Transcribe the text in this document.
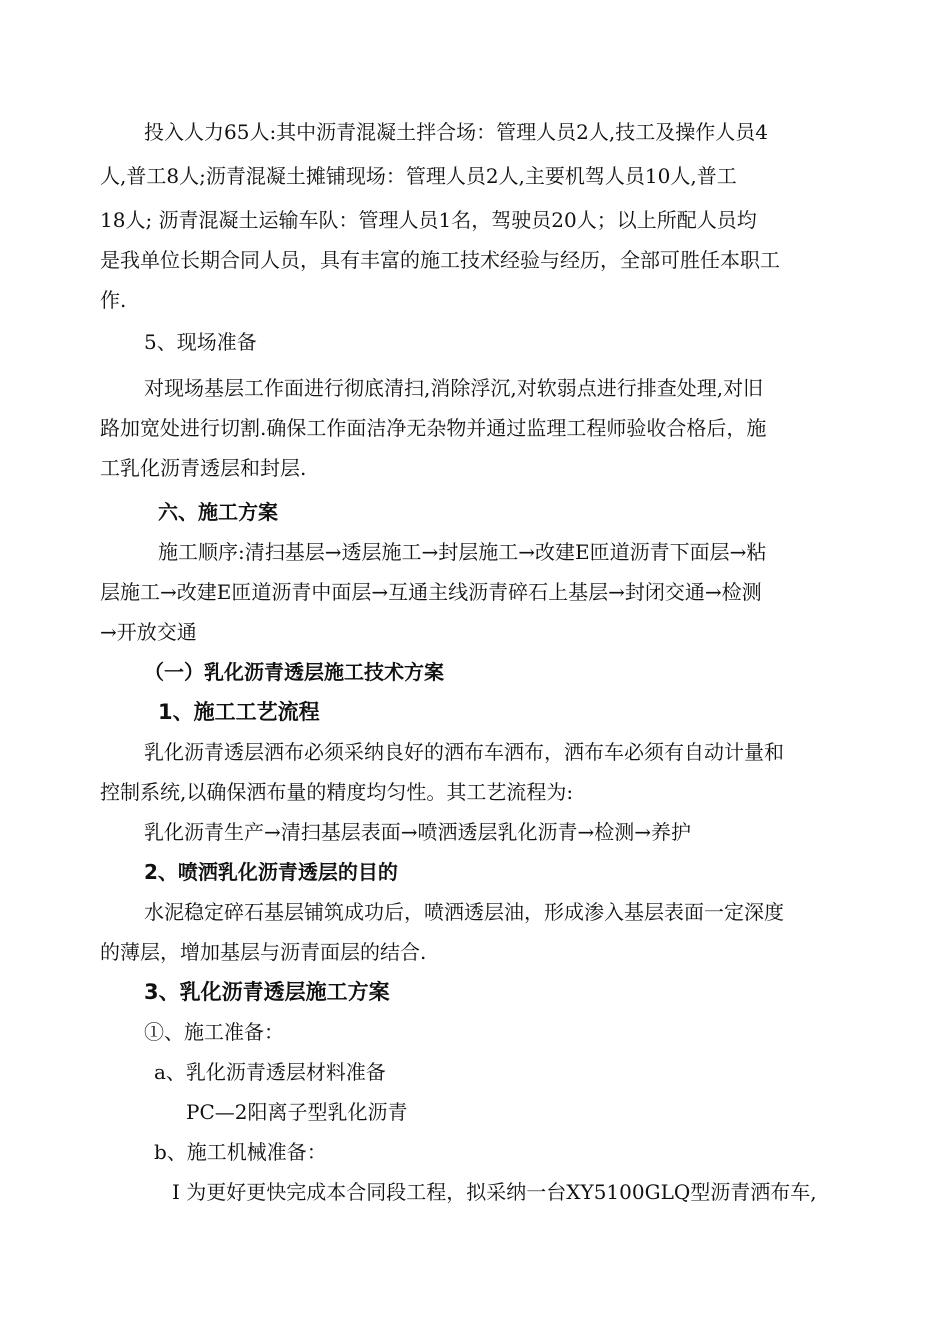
投入人力65人:其中沥青混凝土拌合场：管理人员2人,技工及操作人员4
人,普工8人;沥青混凝土摊铺现场：管理人员2人,主要机驾人员10人,普工
18人; 沥青混凝土运输车队：管理人员1名，驾驶员20人；以上所配人员均
是我单位长期合同人员，具有丰富的施工技术经验与经历，全部可胜任本职工
作.
5、现场准备
对现场基层工作面进行彻底清扫,消除浮沉,对软弱点进行排查处理,对旧
路加宽处进行切割.确保工作面洁净无杂物并通过监理工程师验收合格后，施
工乳化沥青透层和封层.
六、施工方案
施工顺序:清扫基层→透层施工→封层施工→改建E匝道沥青下面层→粘
层施工→改建E匝道沥青中面层→互通主线沥青碎石上基层→封闭交通→检测
→开放交通
（一）乳化沥青透层施工技术方案
1、施工工艺流程
乳化沥青透层洒布必须采纳良好的洒布车洒布，洒布车必须有自动计量和
控制系统,以确保洒布量的精度均匀性。其工艺流程为:
乳化沥青生产→清扫基层表面→喷洒透层乳化沥青→检测→养护
2、喷洒乳化沥青透层的目的
水泥稳定碎石基层铺筑成功后，喷洒透层油，形成渗入基层表面一定深度
的薄层，增加基层与沥青面层的结合.
3、乳化沥青透层施工方案
①、施工准备：
a、乳化沥青透层材料准备
PC—2阳离子型乳化沥青
b、施工机械准备：
Ⅰ 为更好更快完成本合同段工程，拟采纳一台XY5100GLQ型沥青洒布车,
